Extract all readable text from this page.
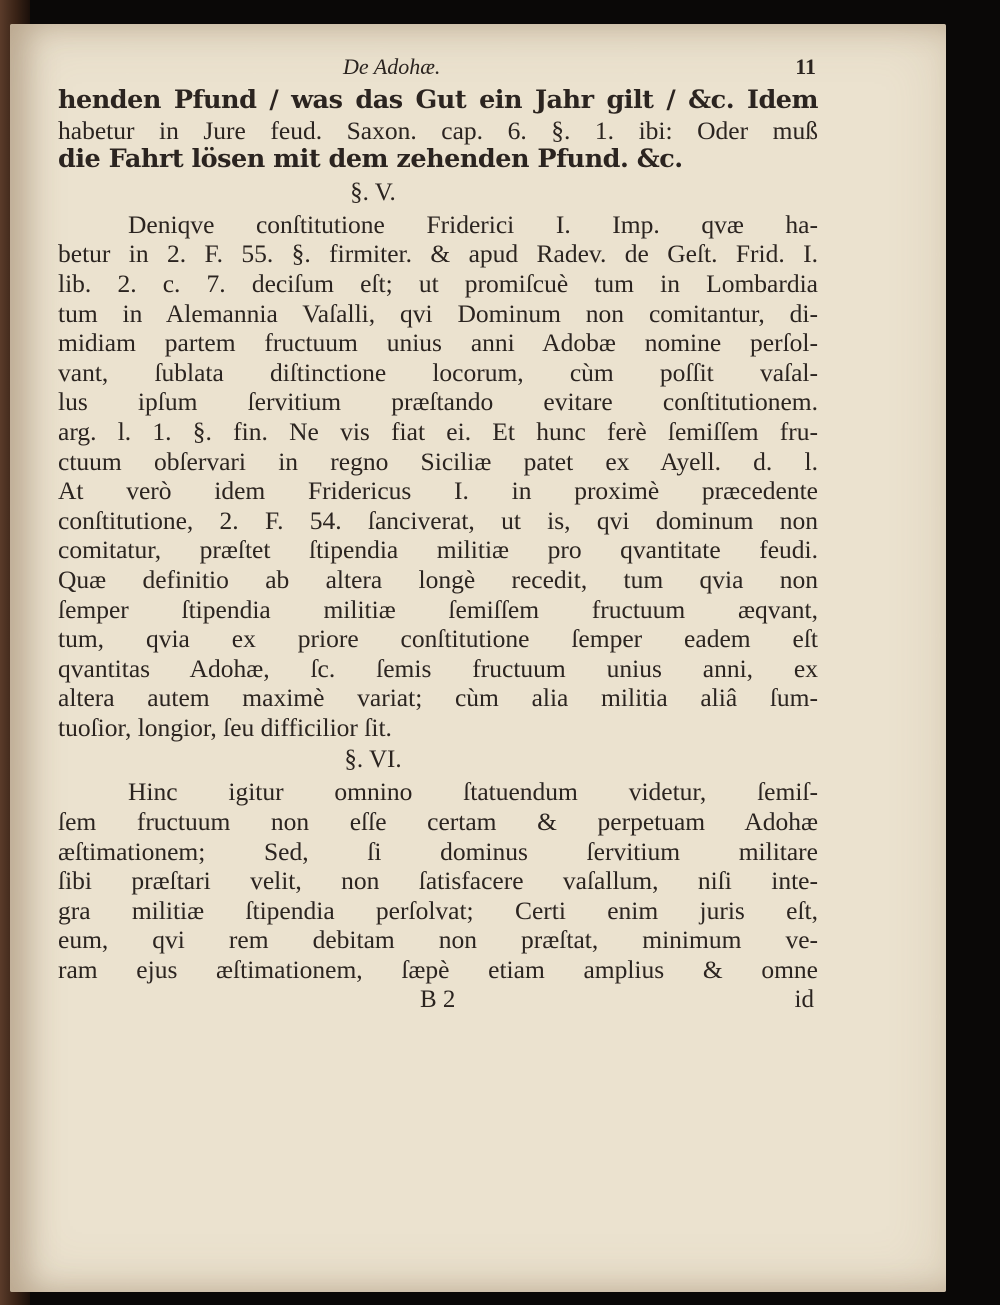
De Adohæ.	11
henden Pfund / was das Gut ein Jahr gilt / &c. Idem
habetur in Jure feud. Saxon. cap. 6. §. 1. ibi: Oder muß
die Fahrt lösen mit dem zehenden Pfund. &c.
§. V.
Deniqve conſtitutione Friderici I. Imp. qvæ ha-
betur in 2. F. 55. §. firmiter. & apud Radev. de Geſt. Frid. I.
lib. 2. c. 7. deciſum eſt; ut promiſcuè tum in Lombardia
tum in Alemannia Vaſalli, qvi Dominum non comitantur, di-
midiam partem fructuum unius anni Adobæ nomine perſol-
vant, ſublata diſtinctione locorum, cùm poſſit vaſal-
lus ipſum ſervitium præſtando evitare conſtitutionem.
arg. l. 1. §. fin. Ne vis fiat ei. Et hunc ferè ſemiſſem fru-
ctuum obſervari in regno Siciliæ patet ex Ayell. d. l.
At verò idem Fridericus I. in proximè præcedente
conſtitutione, 2. F. 54. ſanciverat, ut is, qvi dominum non
comitatur, præſtet ſtipendia militiæ pro qvantitate feudi.
Quæ definitio ab altera longè recedit, tum qvia non
ſemper ſtipendia militiæ ſemiſſem fructuum æqvant,
tum, qvia ex priore conſtitutione ſemper eadem eſt
qvantitas Adohæ, ſc. ſemis fructuum unius anni, ex
altera autem maximè variat; cùm alia militia aliâ ſum-
tuoſior, longior, ſeu difficilior ſit.
§. VI.
Hinc igitur omnino ſtatuendum videtur, ſemiſ-
ſem fructuum non eſſe certam & perpetuam Adohæ
æſtimationem; Sed, ſi dominus ſervitium militare
ſibi præſtari velit, non ſatisfacere vaſallum, niſi inte-
gra militiæ ſtipendia perſolvat; Certi enim juris eſt,
eum, qvi rem debitam non præſtat, minimum ve-
ram ejus æſtimationem, ſæpè etiam amplius & omne
B 2	id
